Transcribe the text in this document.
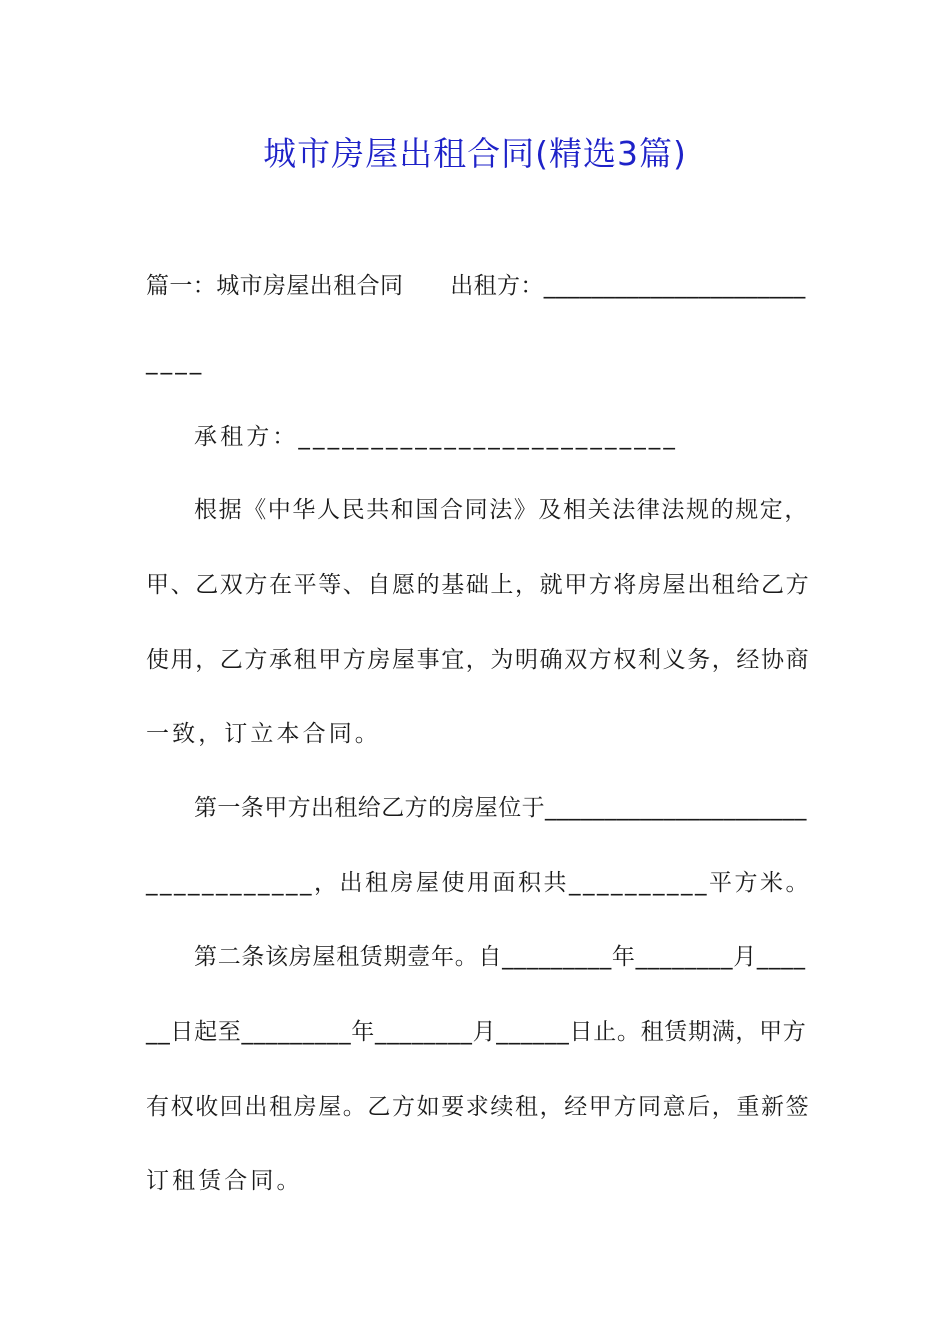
城市房屋出租合同(精选3篇)
篇一：城市房屋出租合同　　出租方：______________________
____
承租方：__________________________
根据《中华人民共和国合同法》及相关法律法规的规定，
甲、乙双方在平等、自愿的基础上，就甲方将房屋出租给乙方
使用，乙方承租甲方房屋事宜，为明确双方权利义务，经协商
一致，订立本合同。
第一条甲方出租给乙方的房屋位于______________________
____________，出租房屋使用面积共__________平方米。
第二条该房屋租赁期壹年。自_________年________月____
__日起至_________年________月______日止。租赁期满，甲方
有权收回出租房屋。乙方如要求续租，经甲方同意后，重新签
订租赁合同。
